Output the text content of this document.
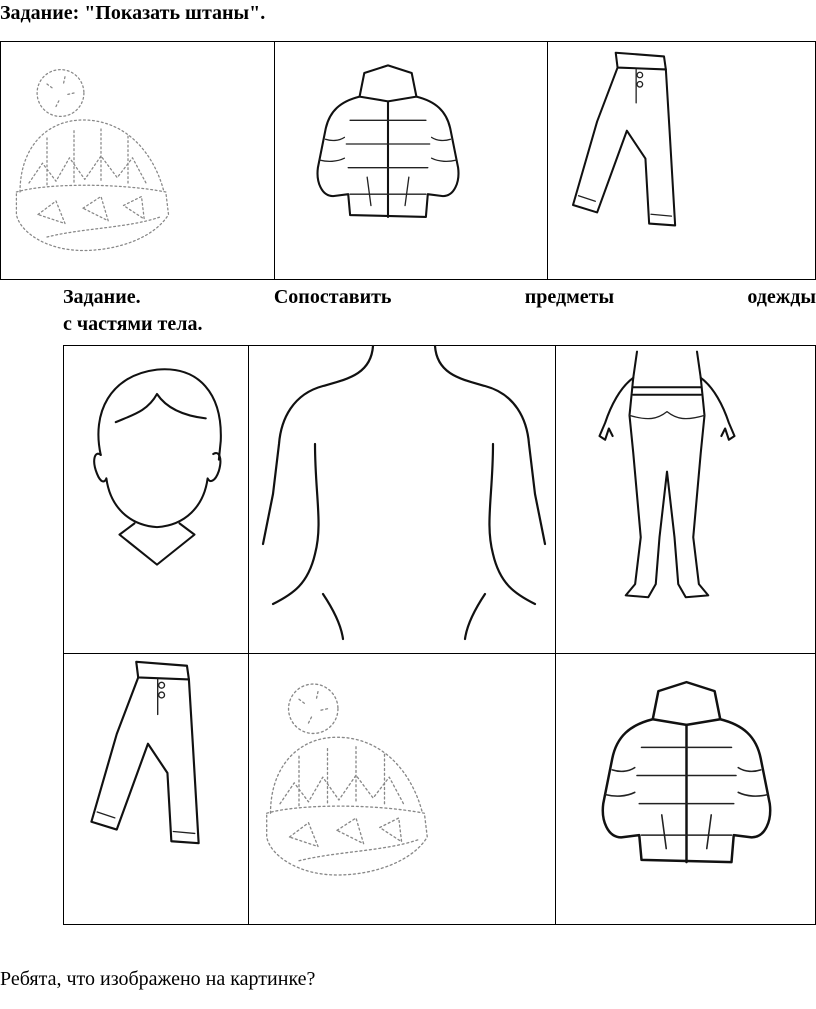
Задание: "Показать штаны".
Задание.	Сопоставить	предметы	одежды
с частями тела.
Ребята, что изображено на картинке?
